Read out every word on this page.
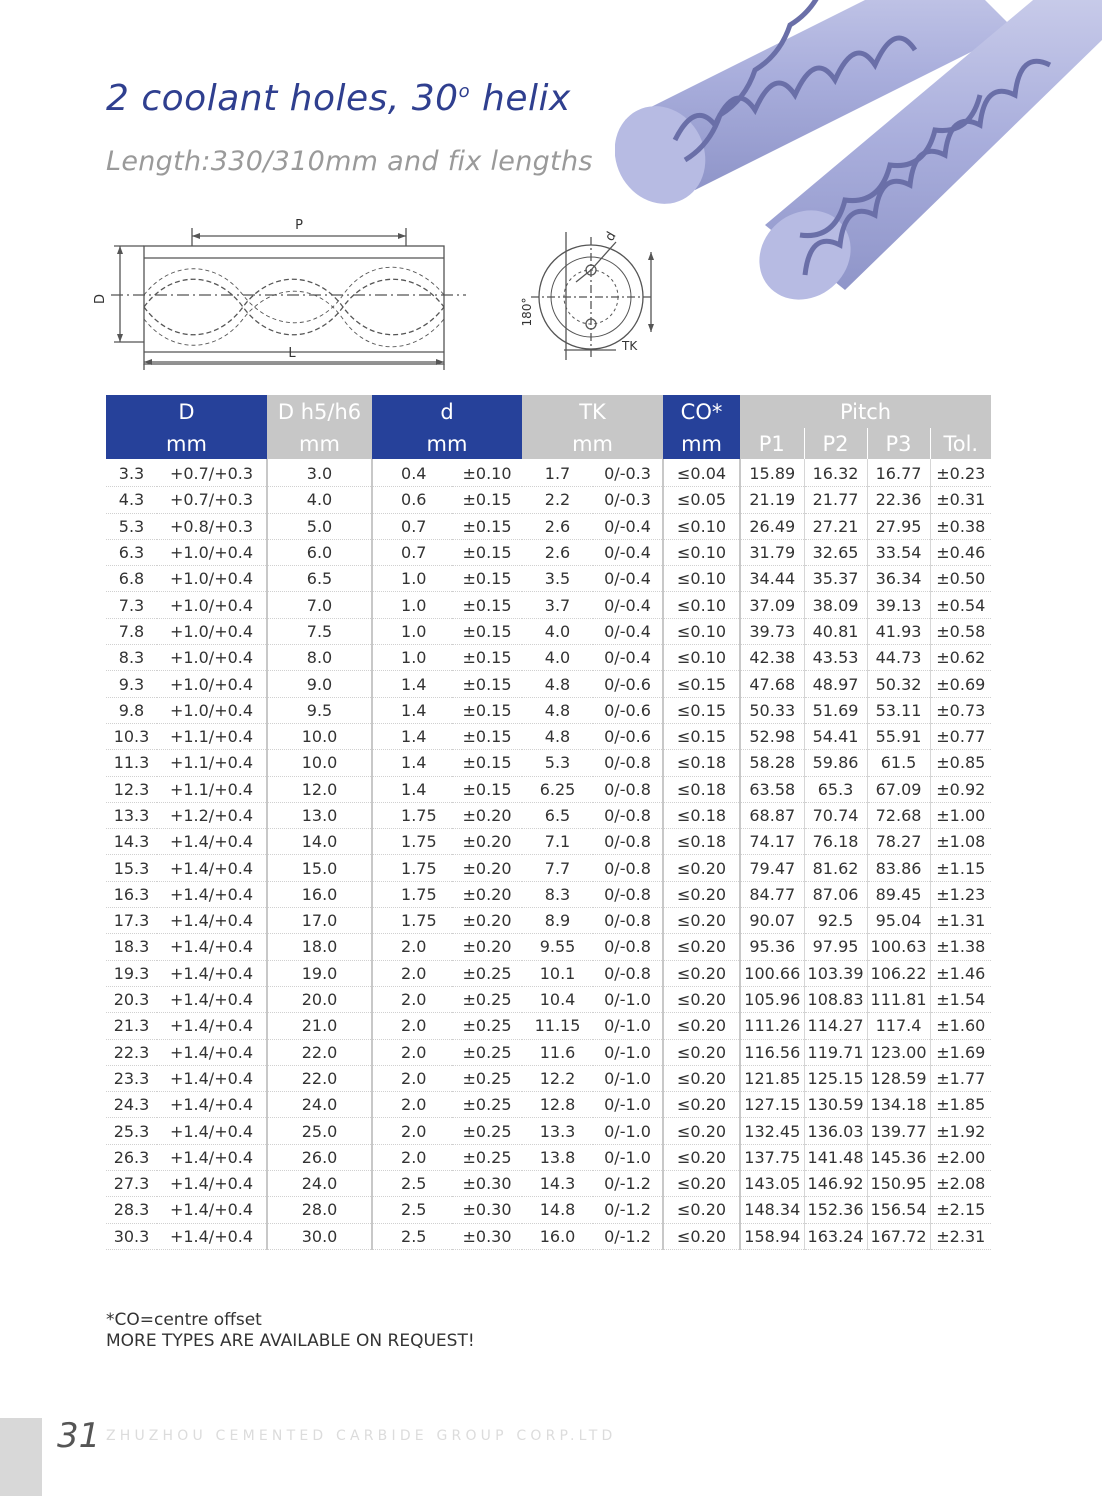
2 coolant holes, 30$^o$ helix
Length:330/310mm and fix lengths
P
L
D
d
180°
TK
D		D h5/h6	d		TK		CO*	Pitch			
mm		mm	mm		mm		mm	P1	P2	P3	Tol.
3.3	+0.7/+0.3	3.0	0.4	±0.10	1.7	0/-0.3	≤0.04	15.89	16.32	16.77	±0.23
4.3	+0.7/+0.3	4.0	0.6	±0.15	2.2	0/-0.3	≤0.05	21.19	21.77	22.36	±0.31
5.3	+0.8/+0.3	5.0	0.7	±0.15	2.6	0/-0.4	≤0.10	26.49	27.21	27.95	±0.38
6.3	+1.0/+0.4	6.0	0.7	±0.15	2.6	0/-0.4	≤0.10	31.79	32.65	33.54	±0.46
6.8	+1.0/+0.4	6.5	1.0	±0.15	3.5	0/-0.4	≤0.10	34.44	35.37	36.34	±0.50
7.3	+1.0/+0.4	7.0	1.0	±0.15	3.7	0/-0.4	≤0.10	37.09	38.09	39.13	±0.54
7.8	+1.0/+0.4	7.5	1.0	±0.15	4.0	0/-0.4	≤0.10	39.73	40.81	41.93	±0.58
8.3	+1.0/+0.4	8.0	1.0	±0.15	4.0	0/-0.4	≤0.10	42.38	43.53	44.73	±0.62
9.3	+1.0/+0.4	9.0	1.4	±0.15	4.8	0/-0.6	≤0.15	47.68	48.97	50.32	±0.69
9.8	+1.0/+0.4	9.5	1.4	±0.15	4.8	0/-0.6	≤0.15	50.33	51.69	53.11	±0.73
10.3	+1.1/+0.4	10.0	1.4	±0.15	4.8	0/-0.6	≤0.15	52.98	54.41	55.91	±0.77
11.3	+1.1/+0.4	10.0	1.4	±0.15	5.3	0/-0.8	≤0.18	58.28	59.86	61.5	±0.85
12.3	+1.1/+0.4	12.0	1.4	±0.15	6.25	0/-0.8	≤0.18	63.58	65.3	67.09	±0.92
13.3	+1.2/+0.4	13.0	1.75	±0.20	6.5	0/-0.8	≤0.18	68.87	70.74	72.68	±1.00
14.3	+1.4/+0.4	14.0	1.75	±0.20	7.1	0/-0.8	≤0.18	74.17	76.18	78.27	±1.08
15.3	+1.4/+0.4	15.0	1.75	±0.20	7.7	0/-0.8	≤0.20	79.47	81.62	83.86	±1.15
16.3	+1.4/+0.4	16.0	1.75	±0.20	8.3	0/-0.8	≤0.20	84.77	87.06	89.45	±1.23
17.3	+1.4/+0.4	17.0	1.75	±0.20	8.9	0/-0.8	≤0.20	90.07	92.5	95.04	±1.31
18.3	+1.4/+0.4	18.0	2.0	±0.20	9.55	0/-0.8	≤0.20	95.36	97.95	100.63	±1.38
19.3	+1.4/+0.4	19.0	2.0	±0.25	10.1	0/-0.8	≤0.20	100.66	103.39	106.22	±1.46
20.3	+1.4/+0.4	20.0	2.0	±0.25	10.4	0/-1.0	≤0.20	105.96	108.83	111.81	±1.54
21.3	+1.4/+0.4	21.0	2.0	±0.25	11.15	0/-1.0	≤0.20	111.26	114.27	117.4	±1.60
22.3	+1.4/+0.4	22.0	2.0	±0.25	11.6	0/-1.0	≤0.20	116.56	119.71	123.00	±1.69
23.3	+1.4/+0.4	22.0	2.0	±0.25	12.2	0/-1.0	≤0.20	121.85	125.15	128.59	±1.77
24.3	+1.4/+0.4	24.0	2.0	±0.25	12.8	0/-1.0	≤0.20	127.15	130.59	134.18	±1.85
25.3	+1.4/+0.4	25.0	2.0	±0.25	13.3	0/-1.0	≤0.20	132.45	136.03	139.77	±1.92
26.3	+1.4/+0.4	26.0	2.0	±0.25	13.8	0/-1.0	≤0.20	137.75	141.48	145.36	±2.00
27.3	+1.4/+0.4	24.0	2.5	±0.30	14.3	0/-1.2	≤0.20	143.05	146.92	150.95	±2.08
28.3	+1.4/+0.4	28.0	2.5	±0.30	14.8	0/-1.2	≤0.20	148.34	152.36	156.54	±2.15
30.3	+1.4/+0.4	30.0	2.5	±0.30	16.0	0/-1.2	≤0.20	158.94	163.24	167.72	±2.31
*CO=centre offset
MORE TYPES ARE AVAILABLE ON REQUEST!
31 ZHUZHOU CEMENTED CARBIDE GROUP CORP.LTD
